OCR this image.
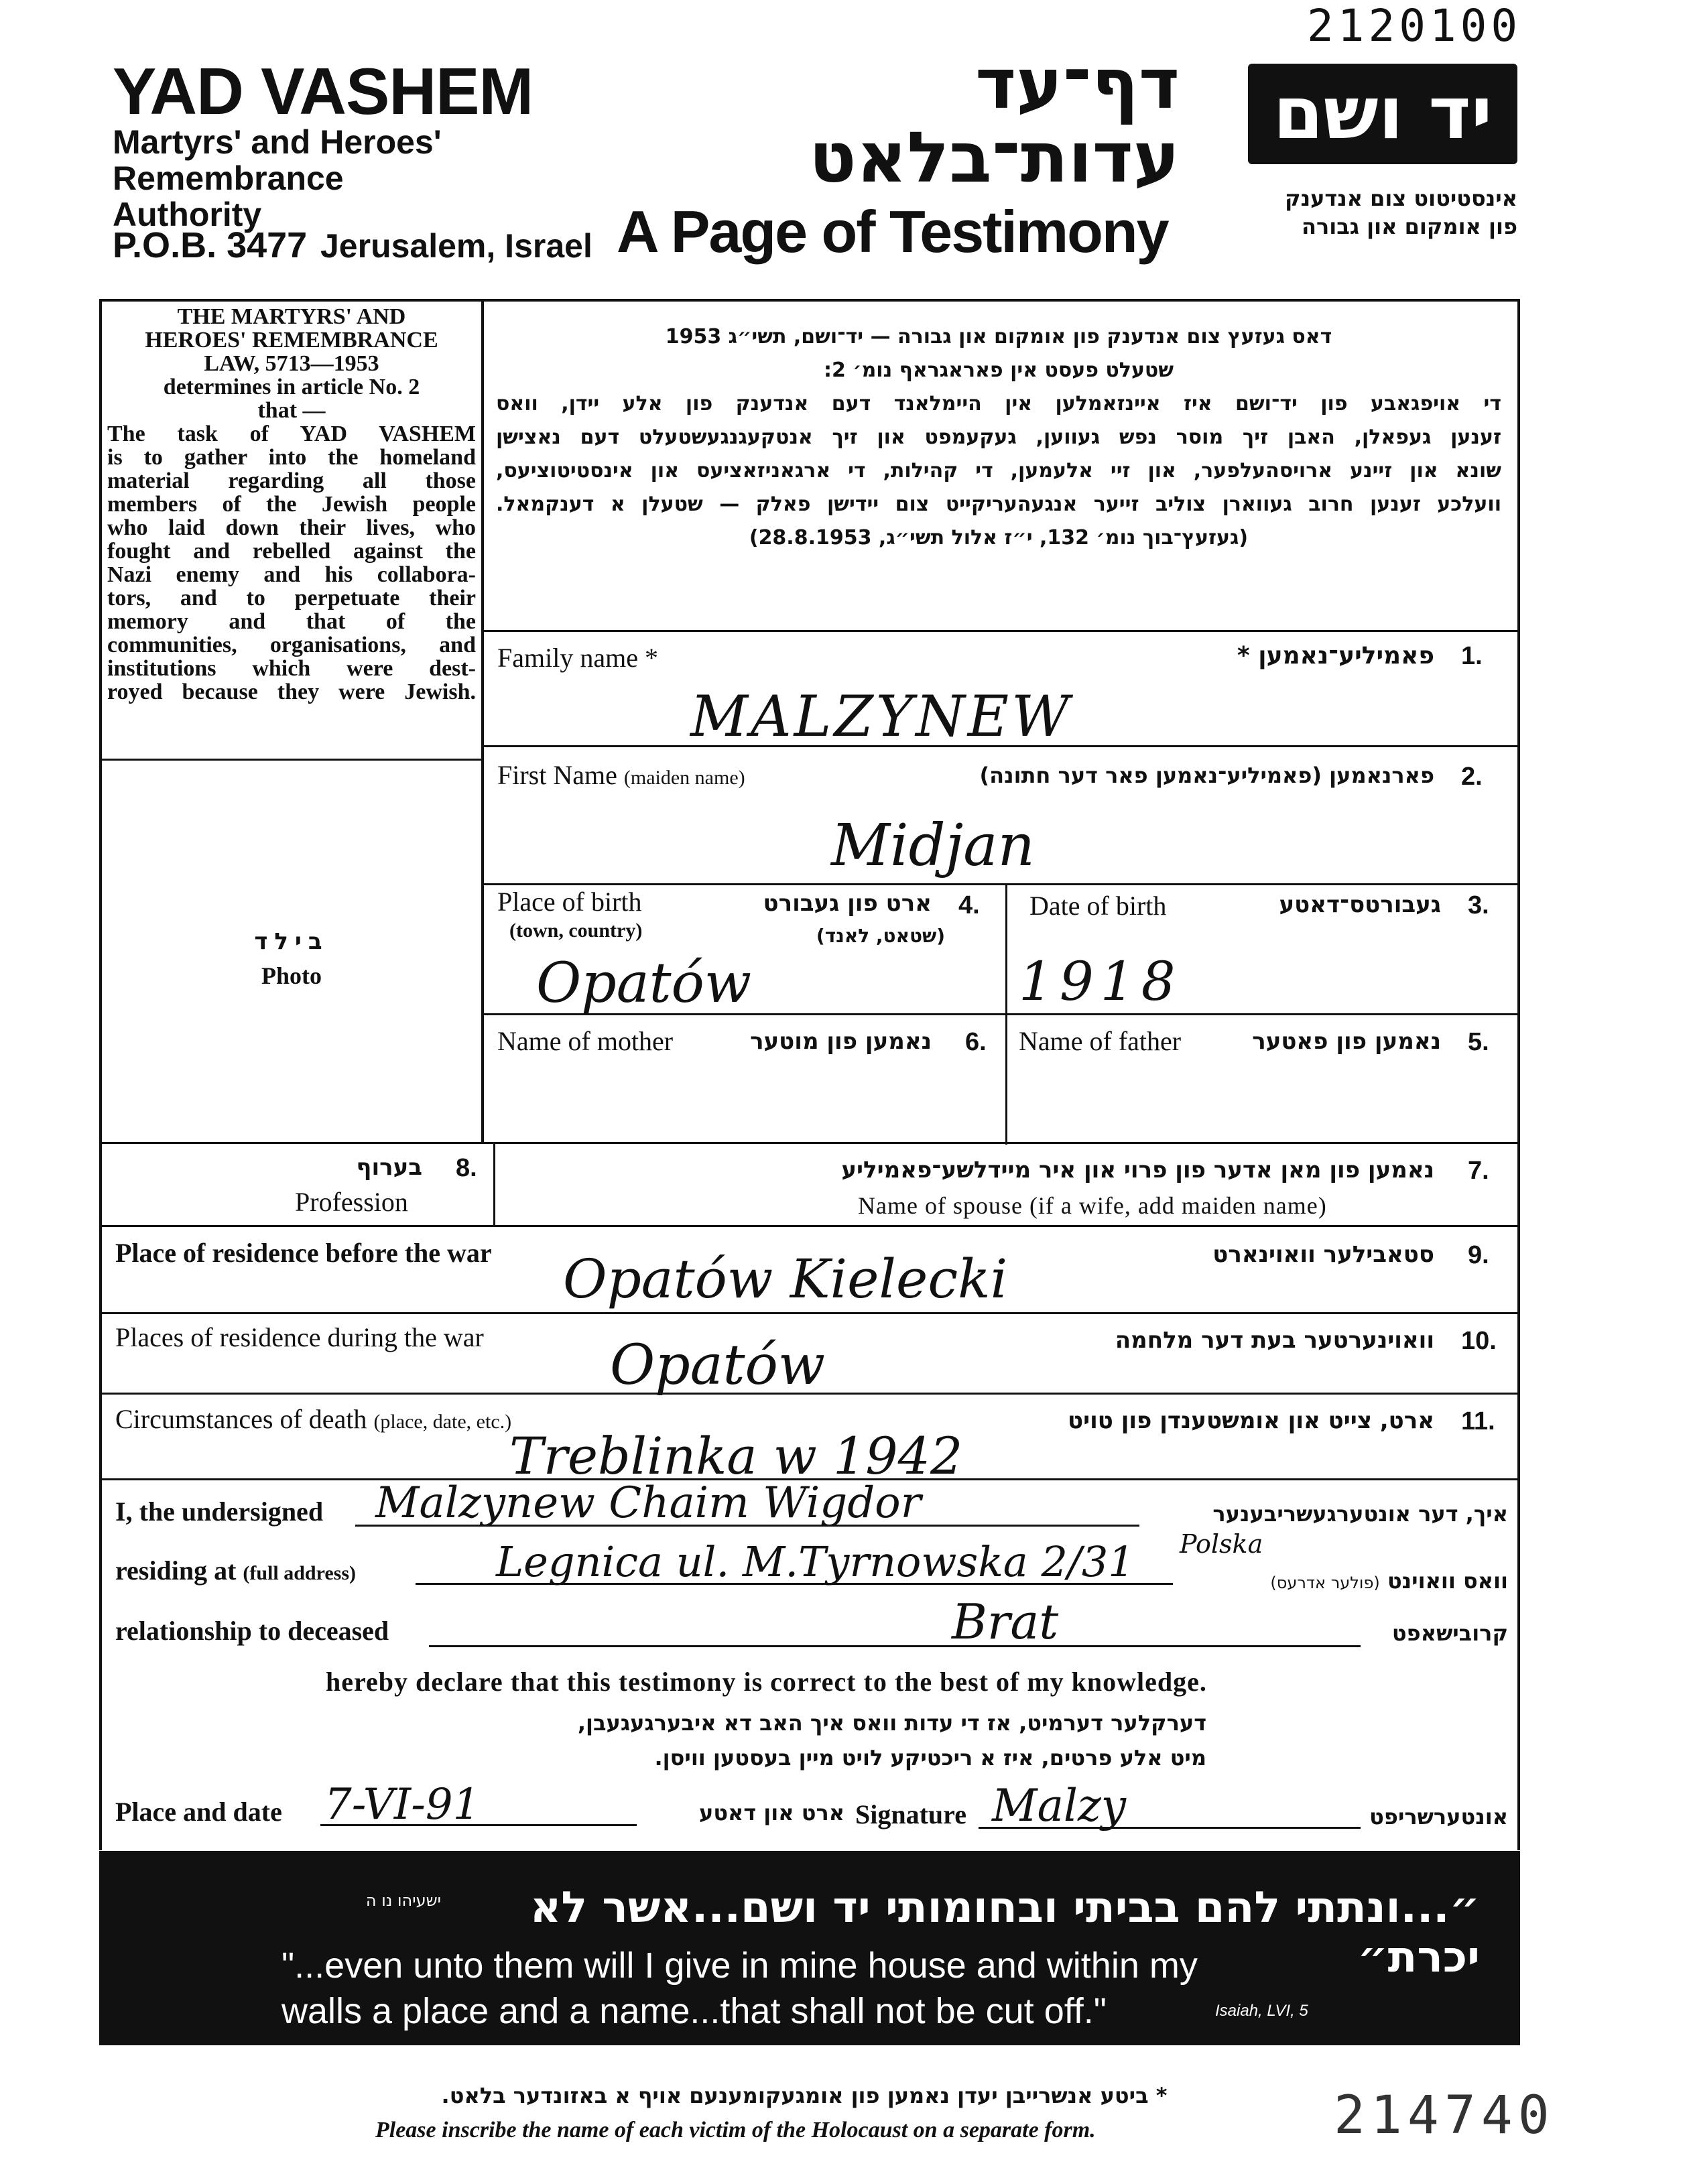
2120100
YAD VASHEM
Martyrs' and Heroes'
Remembrance
Authority
P.O.B. 3477 Jerusalem, Israel
דף־עד
עדות־בלאט
A Page of Testimony
יד ושם
אינסטיטוט צום אנדענק
פון אומקום און גבורה
THE MARTYRS' AND
HEROES' REMEMBRANCE
LAW, 5713—1953
determines in article No. 2
that —
The task of YAD VASHEM
is to gather into the homeland
material regarding all those
members of the Jewish people
who laid down their lives, who
fought and rebelled against the
Nazi enemy and his collabora-
tors, and to perpetuate their
memory and that of the
communities, organisations, and
institutions which were dest-
royed because they were Jewish.
דאס געזעץ צום אנדענק פון אומקום און גבורה — יד־ושם, תשי״ג 1953
שטעלט פעסט אין פאראגראף נומ׳ 2:
די אויפגאבע פון יד־ושם איז איינזאמלען אין היימלאנד דעם אנדענק פון אלע יידן, וואס
זענען געפאלן, האבן זיך מוסר נפש געווען, געקעמפט און זיך אנטקעגנגעשטעלט דעם נאצישן
שונא און זיינע ארויסהעלפער, און זיי אלעמען, די קהילות, די ארגאניזאציעס און אינסטיטוציעס,
וועלכע זענען חרוב געווארן צוליב זייער אנגעהעריקייט צום יידישן פאלק — שטעלן א דענקמאל.
(געזעץ־בוך נומ׳ 132, י״ז אלול תשי״ג, 28.8.1953)
בילד
Photo
Family name *	פאמיליע־נאמען * 1.
MALZYNEW
First Name (maiden name)	פארנאמען (פאמיליע־נאמען פאר דער חתונה) 2.
Midjan
Place of birth
(town, country)
ארט פון געבורט
(שטאט, לאנד)
4.
Opatów
Date of birth	געבורטס־דאטע 3.
1918
Name of mother	נאמען פון מוטער 6. Name of father	נאמען פון פאטער 5.
בערוף 8.
Profession
נאמען פון מאן אדער פון פרוי און איר מיידלשע־פאמיליע 7.
Name of spouse (if a wife, add maiden name)
Place of residence before the war	סטאבילער וואוינארט 9.
Opatów Kielecki
Places of residence during the war	וואוינערטער בעת דער מלחמה 10.
Opatów
Circumstances of death (place, date, etc.)	ארט, צייט און אומשטענדן פון טויט 11.
Treblinka w 1942
I, the undersigned Malzynew Chaim Wigdor	איך, דער אונטערגעשריבענער
residing at (full address)	Legnica ul. M.Tyrnowska 2/31 Polska
וואס וואוינט (פולער אדרעס)
relationship to deceased	Brat	קרובישאפט
hereby declare that this testimony is correct to the best of my knowledge.
דערקלער דערמיט, אז די עדות וואס איך האב דא איבערגעגעבן,
מיט אלע פרטים, איז א ריכטיקע לויט מיין בעסטען וויסן.
Place and date 7-VI-91	ארט און דאטע Signature Malzy	אונטערשריפט
״...ונתתי להם בביתי ובחומותי יד ושם...אשר לא יכרת״
ישעיהו נו ה
"...even unto them will I give in mine house and within my
walls a place and a name...that shall not be cut off."	Isaiah, LVI, 5
* ביטע אנשרייבן יעדן נאמען פון אומגעקומענעם אויף א באזונדער בלאט.
Please inscribe the name of each victim of the Holocaust on a separate form.	214740
